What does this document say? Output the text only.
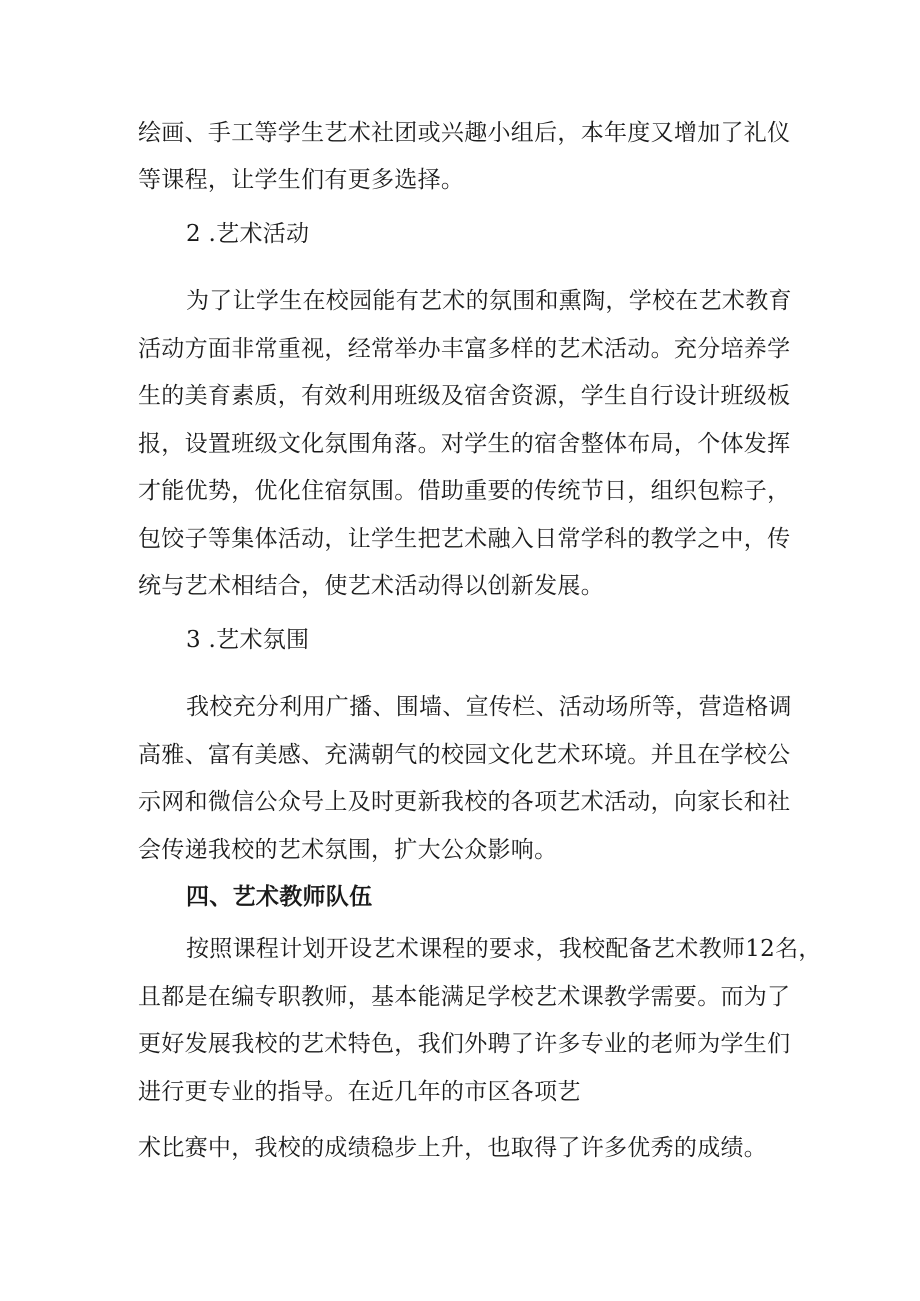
绘画、手工等学生艺术社团或兴趣小组后，本年度又增加了礼仪
等课程，让学生们有更多选择。
2 .艺术活动
为了让学生在校园能有艺术的氛围和熏陶，学校在艺术教育
活动方面非常重视，经常举办丰富多样的艺术活动。充分培养学
生的美育素质，有效利用班级及宿舍资源，学生自行设计班级板
报，设置班级文化氛围角落。对学生的宿舍整体布局，个体发挥
才能优势，优化住宿氛围。借助重要的传统节日，组织包粽子，
包饺子等集体活动，让学生把艺术融入日常学科的教学之中，传
统与艺术相结合，使艺术活动得以创新发展。
3 .艺术氛围
我校充分利用广播、围墙、宣传栏、活动场所等，营造格调
高雅、富有美感、充满朝气的校园文化艺术环境。并且在学校公
示网和微信公众号上及时更新我校的各项艺术活动，向家长和社
会传递我校的艺术氛围，扩大公众影响。
四、艺术教师队伍
按照课程计划开设艺术课程的要求，我校配备艺术教师12名，
且都是在编专职教师，基本能满足学校艺术课教学需要。而为了
更好发展我校的艺术特色，我们外聘了许多专业的老师为学生们
进行更专业的指导。在近几年的市区各项艺
术比赛中，我校的成绩稳步上升，也取得了许多优秀的成绩。
